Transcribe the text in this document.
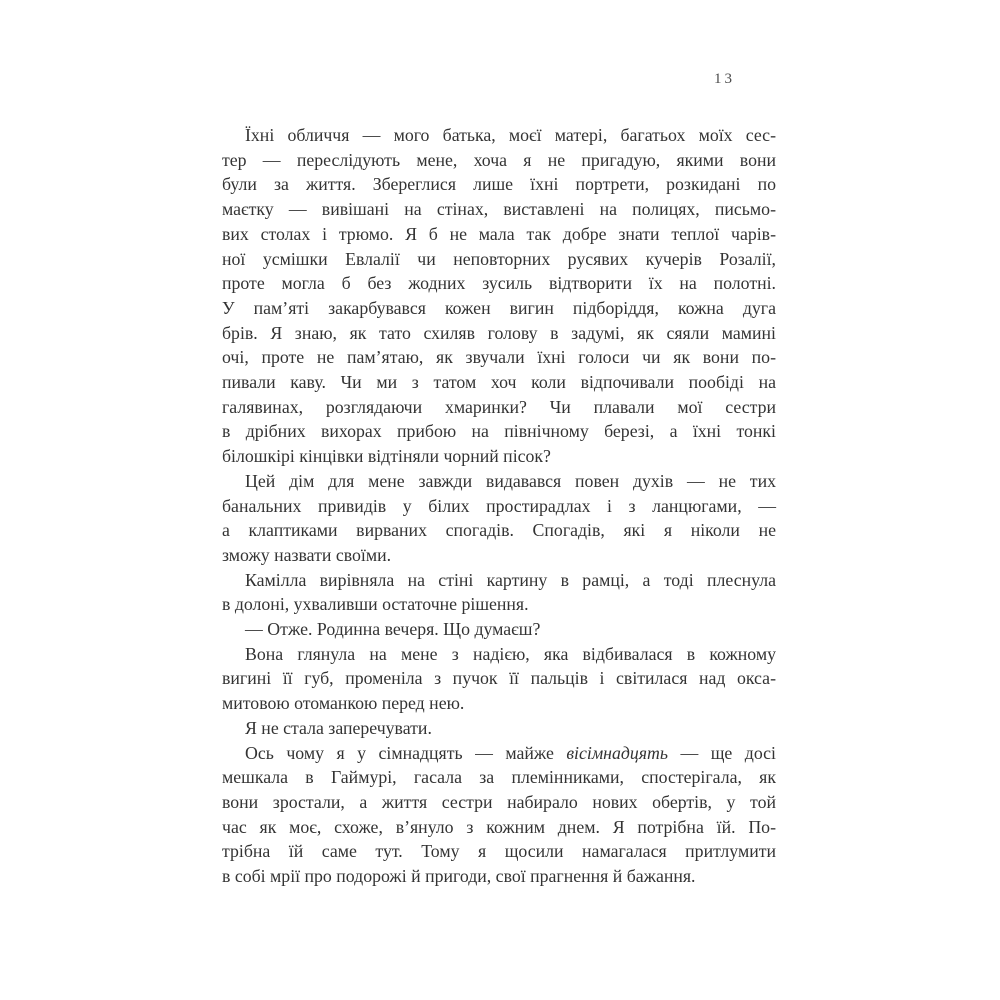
13
Їхні обличчя — мого батька, моєї матері, багатьох моїх сес-
тер — переслідують мене, хоча я не пригадую, якими вони
були за життя. Збереглися лише їхні портрети, розкидані по
маєтку — вивішані на стінах, виставлені на полицях, письмо-
вих столах і трюмо. Я б не мала так добре знати теплої чарів-
ної усмішки Евлалії чи неповторних русявих кучерів Розалії,
проте могла б без жодних зусиль відтворити їх на полотні.
У пам’яті закарбувався кожен вигин підборіддя, кожна дуга
брів. Я знаю, як тато схиляв голову в задумі, як сяяли мамині
очі, проте не пам’ятаю, як звучали їхні голоси чи як вони по-
пивали каву. Чи ми з татом хоч коли відпочивали пообіді на
галявинах, розглядаючи хмаринки? Чи плавали мої сестри
в дрібних вихорах прибою на північному березі, а їхні тонкі
білошкірі кінцівки відтіняли чорний пісок?
Цей дім для мене завжди видавався повен духів — не тих
банальних привидів у білих простирадлах і з ланцюгами, —
а клаптиками вирваних спогадів. Спогадів, які я ніколи не
зможу назвати своїми.
Камілла вирівняла на стіні картину в рамці, а тоді плеснула
в долоні, ухваливши остаточне рішення.
— Отже. Родинна вечеря. Що думаєш?
Вона глянула на мене з надією, яка відбивалася в кожному
вигині її губ, променіла з пучок її пальців і світилася над окса-
митовою отоманкою перед нею.
Я не стала заперечувати.
Ось чому я у сімнадцять — майже вісімнадцять — ще досі
мешкала в Гаймурі, гасала за племінниками, спостерігала, як
вони зростали, а життя сестри набирало нових обертів, у той
час як моє, схоже, в’януло з кожним днем. Я потрібна їй. По-
трібна їй саме тут. Тому я щосили намагалася притлумити
в собі мрії про подорожі й пригоди, свої прагнення й бажання.
